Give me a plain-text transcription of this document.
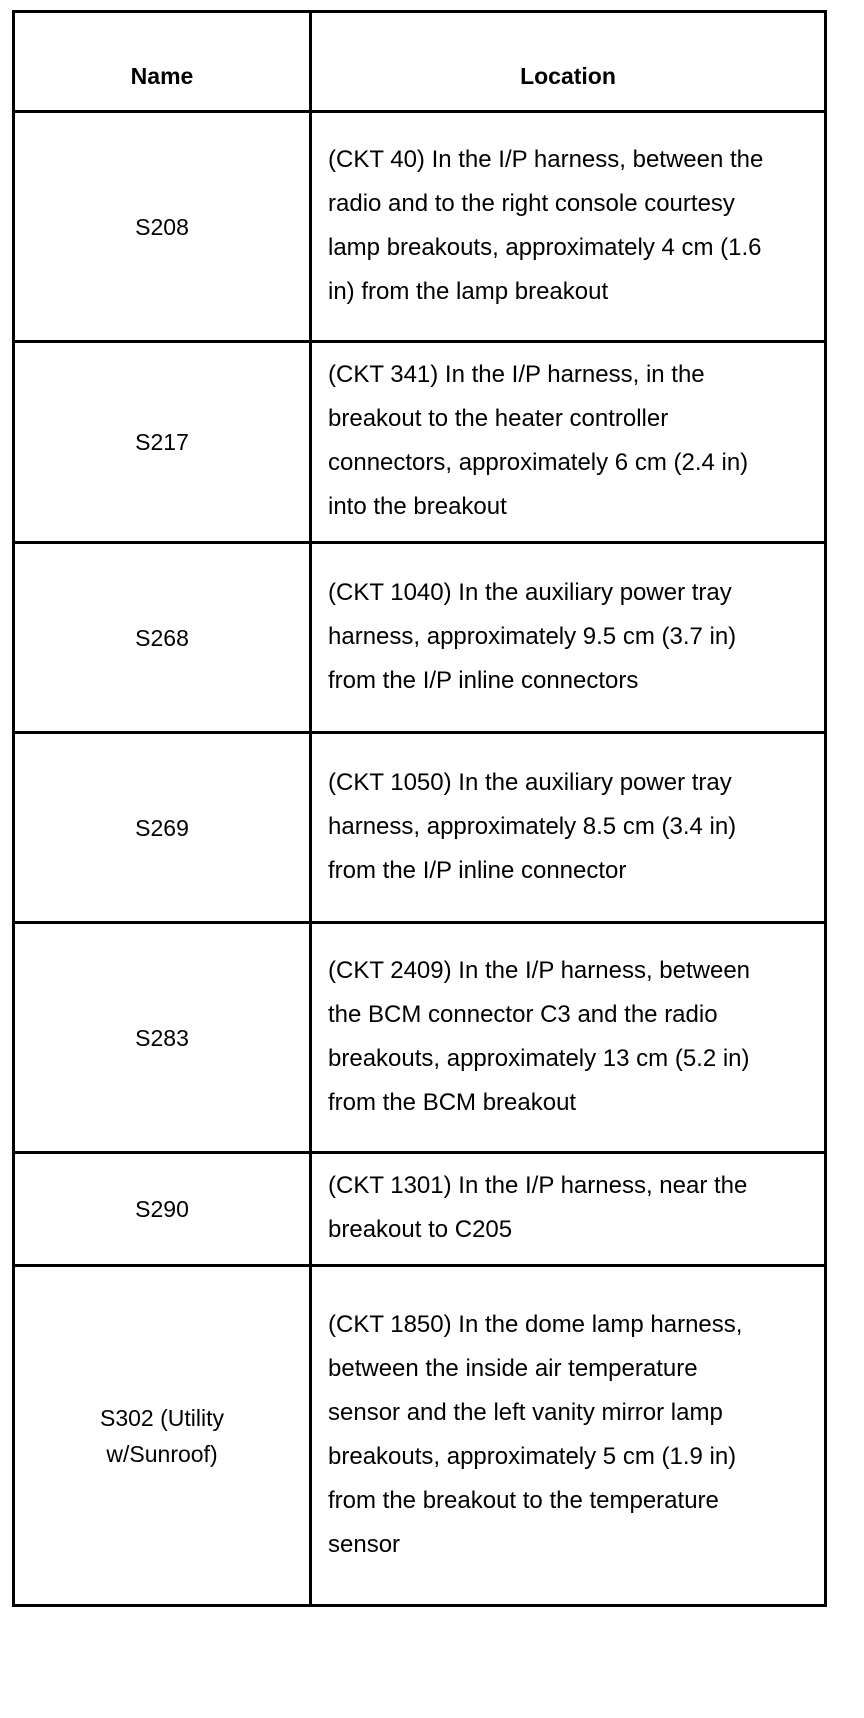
Name	Location
S208	(CKT 40) In the I/P harness, between the radio and to the right console courtesy lamp breakouts, approximately 4 cm (1.6 in) from the lamp breakout
S217	(CKT 341) In the I/P harness, in the breakout to the heater controller connectors, approximately 6 cm (2.4 in) into the breakout
S268	(CKT 1040) In the auxiliary power tray harness, approximately 9.5 cm (3.7 in) from the I/P inline connectors
S269	(CKT 1050) In the auxiliary power tray harness, approximately 8.5 cm (3.4 in) from the I/P inline connector
S283	(CKT 2409) In the I/P harness, between the BCM connector C3 and the radio breakouts, approximately 13 cm (5.2 in) from the BCM breakout
S290	(CKT 1301) In the I/P harness, near the breakout to C205
S302 (Utility w/Sunroof)	(CKT 1850) In the dome lamp harness, between the inside air temperature sensor and the left vanity mirror lamp breakouts, approximately 5 cm (1.9 in) from the breakout to the temperature sensor
